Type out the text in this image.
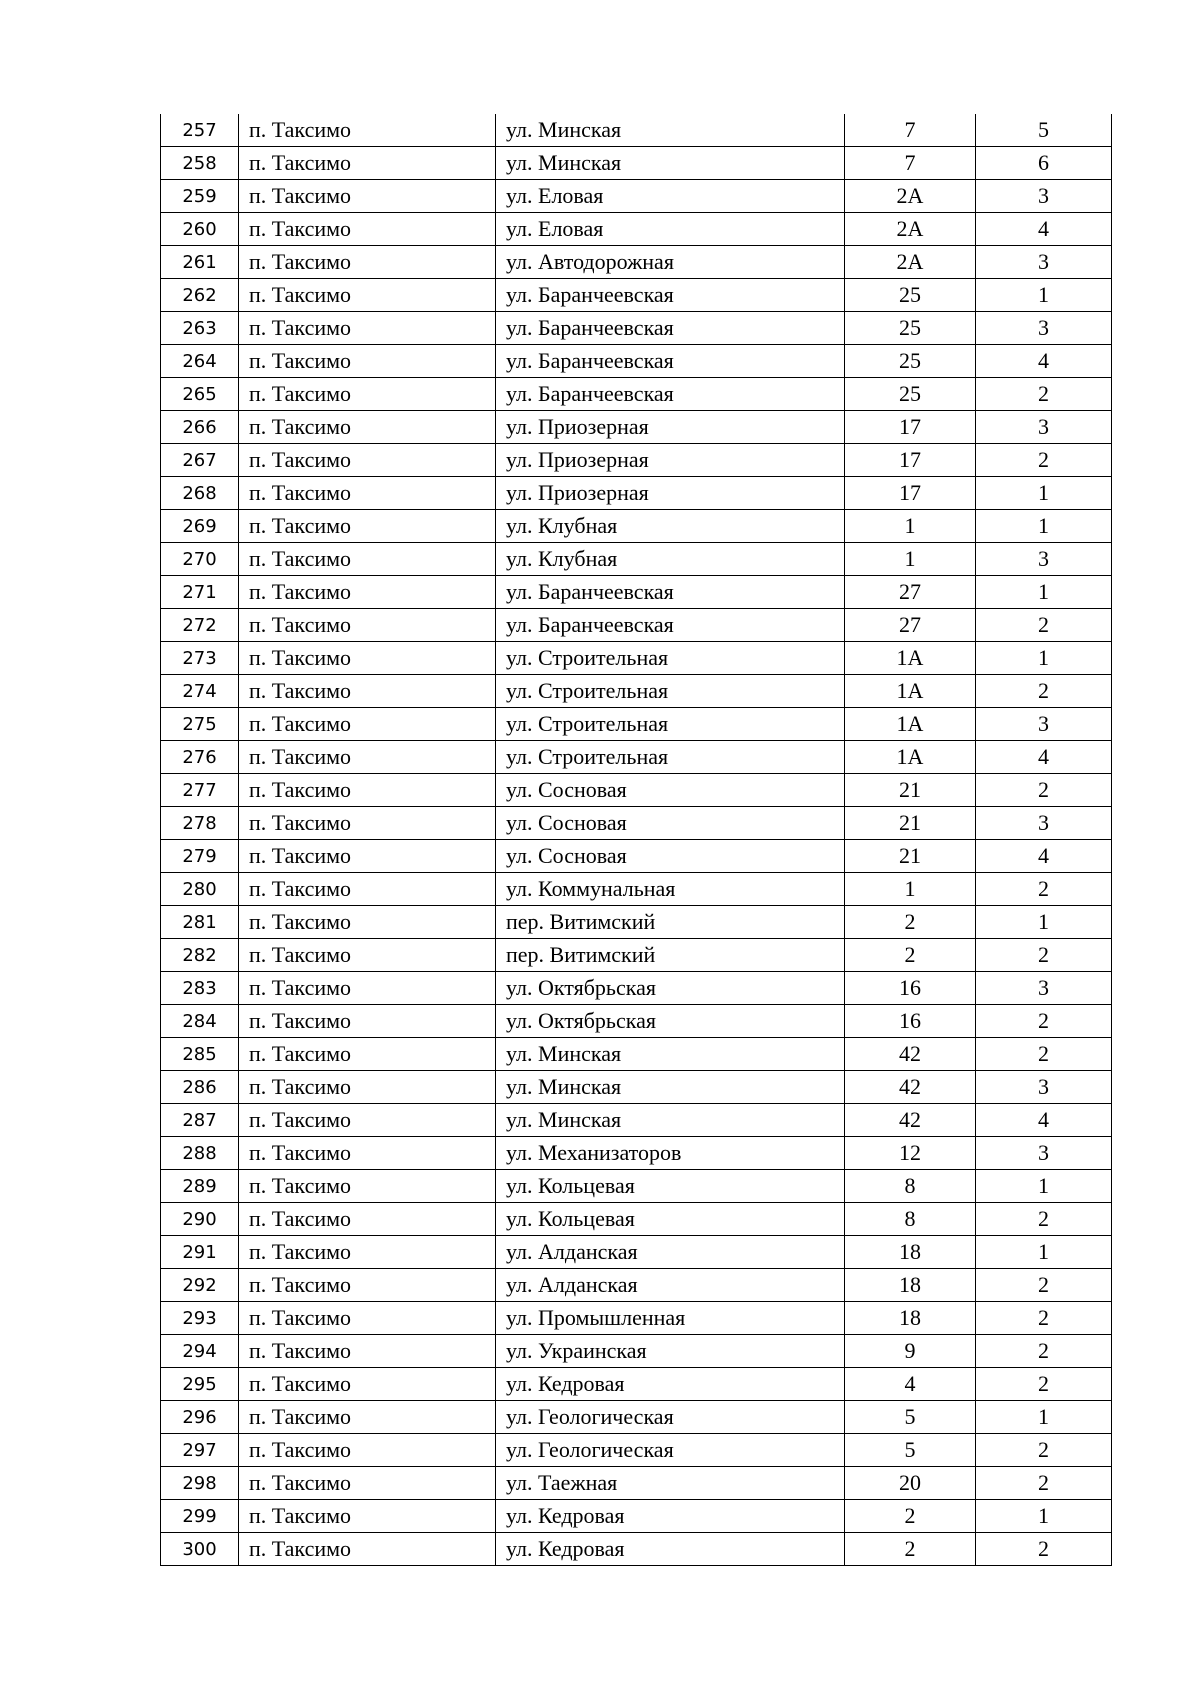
257	п. Таксимо	ул. Минская	7	5
258	п. Таксимо	ул. Минская	7	6
259	п. Таксимо	ул. Еловая	2А	3
260	п. Таксимо	ул. Еловая	2А	4
261	п. Таксимо	ул. Автодорожная	2А	3
262	п. Таксимо	ул. Баранчеевская	25	1
263	п. Таксимо	ул. Баранчеевская	25	3
264	п. Таксимо	ул. Баранчеевская	25	4
265	п. Таксимо	ул. Баранчеевская	25	2
266	п. Таксимо	ул. Приозерная	17	3
267	п. Таксимо	ул. Приозерная	17	2
268	п. Таксимо	ул. Приозерная	17	1
269	п. Таксимо	ул. Клубная	1	1
270	п. Таксимо	ул. Клубная	1	3
271	п. Таксимо	ул. Баранчеевская	27	1
272	п. Таксимо	ул. Баранчеевская	27	2
273	п. Таксимо	ул. Строительная	1А	1
274	п. Таксимо	ул. Строительная	1А	2
275	п. Таксимо	ул. Строительная	1А	3
276	п. Таксимо	ул. Строительная	1А	4
277	п. Таксимо	ул. Сосновая	21	2
278	п. Таксимо	ул. Сосновая	21	3
279	п. Таксимо	ул. Сосновая	21	4
280	п. Таксимо	ул. Коммунальная	1	2
281	п. Таксимо	пер. Витимский	2	1
282	п. Таксимо	пер. Витимский	2	2
283	п. Таксимо	ул. Октябрьская	16	3
284	п. Таксимо	ул. Октябрьская	16	2
285	п. Таксимо	ул. Минская	42	2
286	п. Таксимо	ул. Минская	42	3
287	п. Таксимо	ул. Минская	42	4
288	п. Таксимо	ул. Механизаторов	12	3
289	п. Таксимо	ул. Кольцевая	8	1
290	п. Таксимо	ул. Кольцевая	8	2
291	п. Таксимо	ул. Алданская	18	1
292	п. Таксимо	ул. Алданская	18	2
293	п. Таксимо	ул. Промышленная	18	2
294	п. Таксимо	ул. Украинская	9	2
295	п. Таксимо	ул. Кедровая	4	2
296	п. Таксимо	ул. Геологическая	5	1
297	п. Таксимо	ул. Геологическая	5	2
298	п. Таксимо	ул. Таежная	20	2
299	п. Таксимо	ул. Кедровая	2	1
300	п. Таксимо	ул. Кедровая	2	2
